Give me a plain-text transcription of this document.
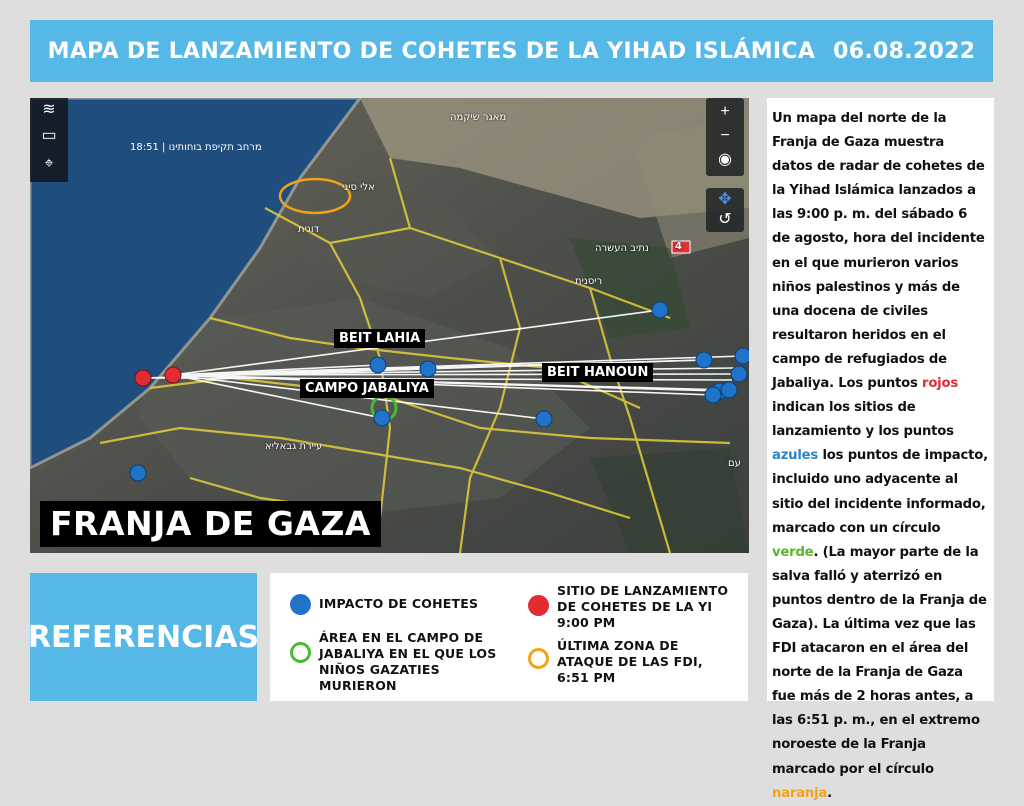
MAPA DE LANZAMIENTO DE COHETES DE LA YIHAD ISLÁMICA 06.08.2022
≋
▭
⌖
+
−
◉
✥
↺
מרחב תקיפת בוחותינו | 18:51
מאגר שיקמה
אלי סיני
דוגית
נתיב העשרה	4
ריסנית
עיירת גבאליא
עם
BEIT LAHIA
BEIT HANOUN
CAMPO JABALIYA
FRANJA DE GAZA
Un mapa del norte de la Franja de Gaza muestra datos de radar de cohetes de la Yihad Islámica lanzados a las 9:00 p. m. del sábado 6 de agosto, hora del incidente en el que murieron varios niños palestinos y más de una docena de civiles resultaron heridos en el campo de refugiados de Jabaliya. Los puntos rojos indican los sitios de lanzamiento y los puntos azules los puntos de impacto, incluido uno adyacente al sitio del incidente informado, marcado con un círculo verde. (La mayor parte de la salva falló y aterrizó en puntos dentro de la Franja de Gaza). La última vez que las FDI atacaron en el área del norte de la Franja de Gaza fue más de 2 horas antes, a las 6:51 p. m., en el extremo noroeste de la Franja marcado por el círculo naranja.
REFERENCIAS
IMPACTO DE COHETES
ÁREA EN EL CAMPO DE JABALIYA EN EL QUE LOS NIÑOS GAZATIES MURIERON
SITIO DE LANZAMIENTO DE COHETES DE LA YI 9:00 PM
ÚLTIMA ZONA DE ATAQUE DE LAS FDI, 6:51 PM
